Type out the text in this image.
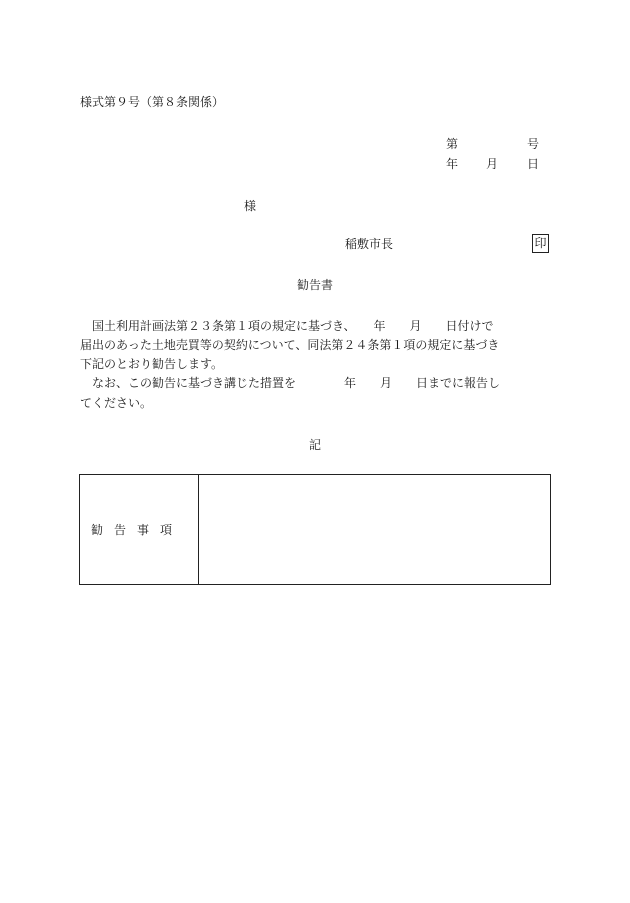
様式第９号（第８条関係）
第	号
年 月 日
様
稲敷市長	印
勧告書
　国土利用計画法第２３条第１項の規定に基づき、　　年　　月　　日付けで
届出のあった土地売買等の契約について、同法第２４条第１項の規定に基づき
下記のとおり勧告します。
　なお、この勧告に基づき講じた措置を　　　　年　　月　　日までに報告し
てください。
記
勧告事項
